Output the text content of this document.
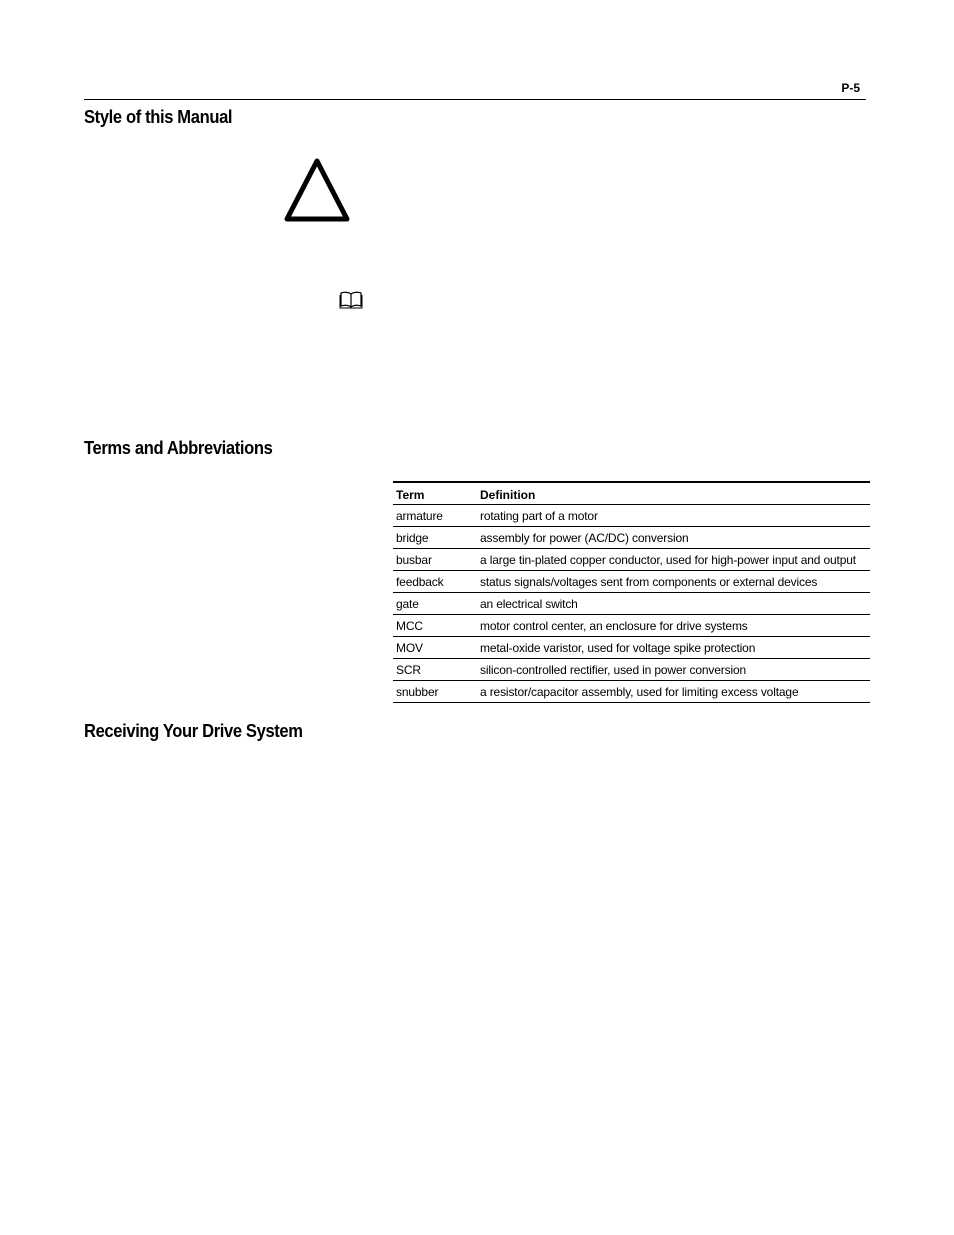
P-5
Style of this Manual
Terms and Abbreviations
Term	Definition
armature	rotating part of a motor
bridge	assembly for power (AC/DC) conversion
busbar	a large tin-plated copper conductor, used for high-power input and output
feedback	status signals/voltages sent from components or external devices
gate	an electrical switch
MCC	motor control center, an enclosure for drive systems
MOV	metal-oxide varistor, used for voltage spike protection
SCR	silicon-controlled rectifier, used in power conversion
snubber	a resistor/capacitor assembly, used for limiting excess voltage
Receiving Your Drive System
